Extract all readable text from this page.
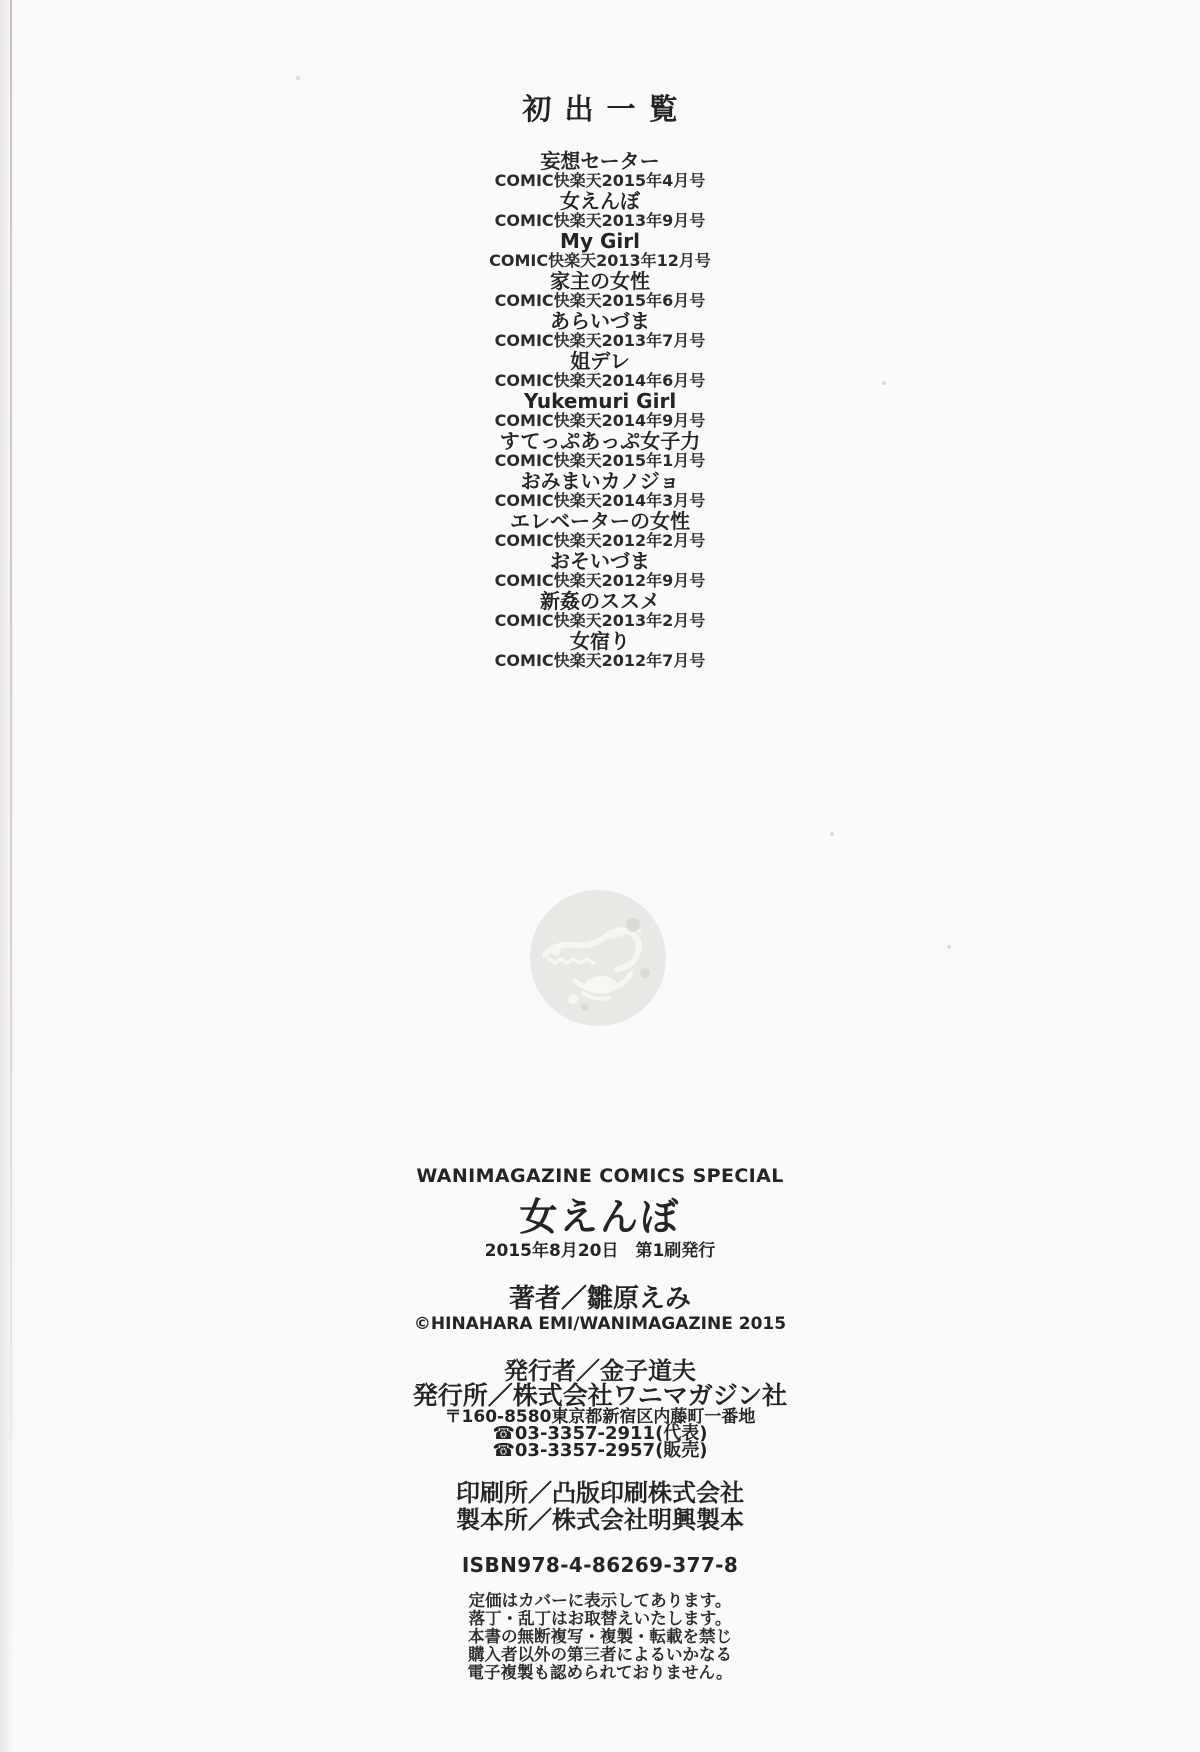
初出一覧
妄想セーター
COMIC快楽天2015年4月号
女えんぼ
COMIC快楽天2013年9月号
My Girl
COMIC快楽天2013年12月号
家主の女性
COMIC快楽天2015年6月号
あらいづま
COMIC快楽天2013年7月号
姐デレ
COMIC快楽天2014年6月号
Yukemuri Girl
COMIC快楽天2014年9月号
すてっぷあっぷ女子力
COMIC快楽天2015年1月号
おみまいカノジョ
COMIC快楽天2014年3月号
エレベーターの女性
COMIC快楽天2012年2月号
おそいづま
COMIC快楽天2012年9月号
新姦のススメ
COMIC快楽天2013年2月号
女宿り
COMIC快楽天2012年7月号
WANIMAGAZINE COMICS SPECIAL
女えんぼ
2015年8月20日　第1刷発行
著者／雛原えみ
©HINAHARA EMI/WANIMAGAZINE 2015
発行者／金子道夫
発行所／株式会社ワニマガジン社
〒160-8580東京都新宿区内藤町一番地
☎03-3357-2911(代表)
☎03-3357-2957(販売)
印刷所／凸版印刷株式会社
製本所／株式会社明興製本
ISBN978-4-86269-377-8
定価はカバーに表示してあります。
落丁・乱丁はお取替えいたします。
本書の無断複写・複製・転載を禁じ
購入者以外の第三者によるいかなる
電子複製も認められておりません。
